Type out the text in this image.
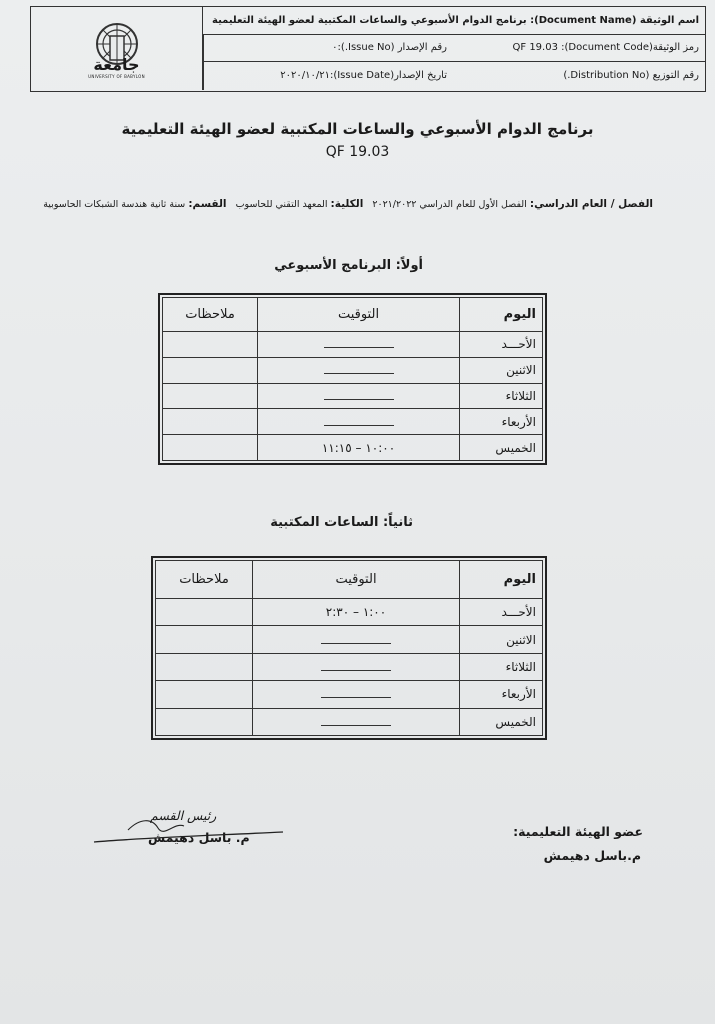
جامعة
UNIVERSITY OF BABYLON
اسم الوثيقة (Document Name): برنامج الدوام الأسبوعي والساعات المكتبية لعضو الهيئة التعليمية
رمز الوثيقة(Document Code): QF 19.03
رقم الإصدار (Issue No.):٠
رقم التوزيع (Distribution No.)
تاريخ الإصدار(Issue Date):٢٠٢٠/١٠/٢١
برنامج الدوام الأسبوعي والساعات المكتبية لعضو الهيئة التعليمية
QF 19.03
الفصل / العام الدراسي: الفصل الأول للعام الدراسي ٢٠٢١/٢٠٢٢   الكلية: المعهد التقني للحاسوب   القسم: سنة ثانية هندسة الشبكات الحاسوبية
أولاً: البرنامج الأسبوعي
اليوم	التوقيت	ملاحظات
الأحـــد		
الاثنين		
الثلاثاء		
الأربعاء		
الخميس	١٠:٠٠ – ١١:١٥	
ثانياً: الساعات المكتبية
اليوم	التوقيت	ملاحظات
الأحـــد	١:٠٠ – ٢:٣٠	
الاثنين		
الثلاثاء		
الأربعاء		
الخميس		
عضو الهيئة التعليمية:
م.باسل دهيمش
رئيس القسم
م. باسل دهيمش
